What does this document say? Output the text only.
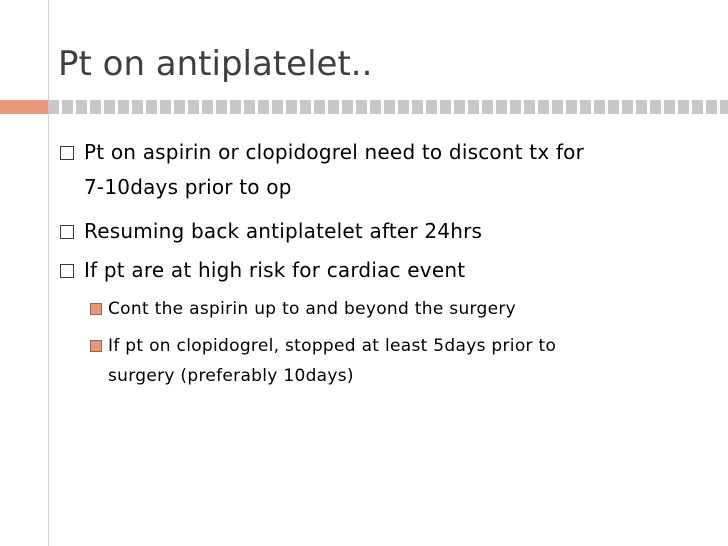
Pt on antiplatelet..
Pt on aspirin or clopidogrel need to discont tx for
7-10days prior to op
Resuming back antiplatelet after 24hrs
If pt are at high risk for cardiac event
Cont the aspirin up to and beyond the surgery
If pt on clopidogrel, stopped at least 5days prior to
surgery (preferably 10days)
